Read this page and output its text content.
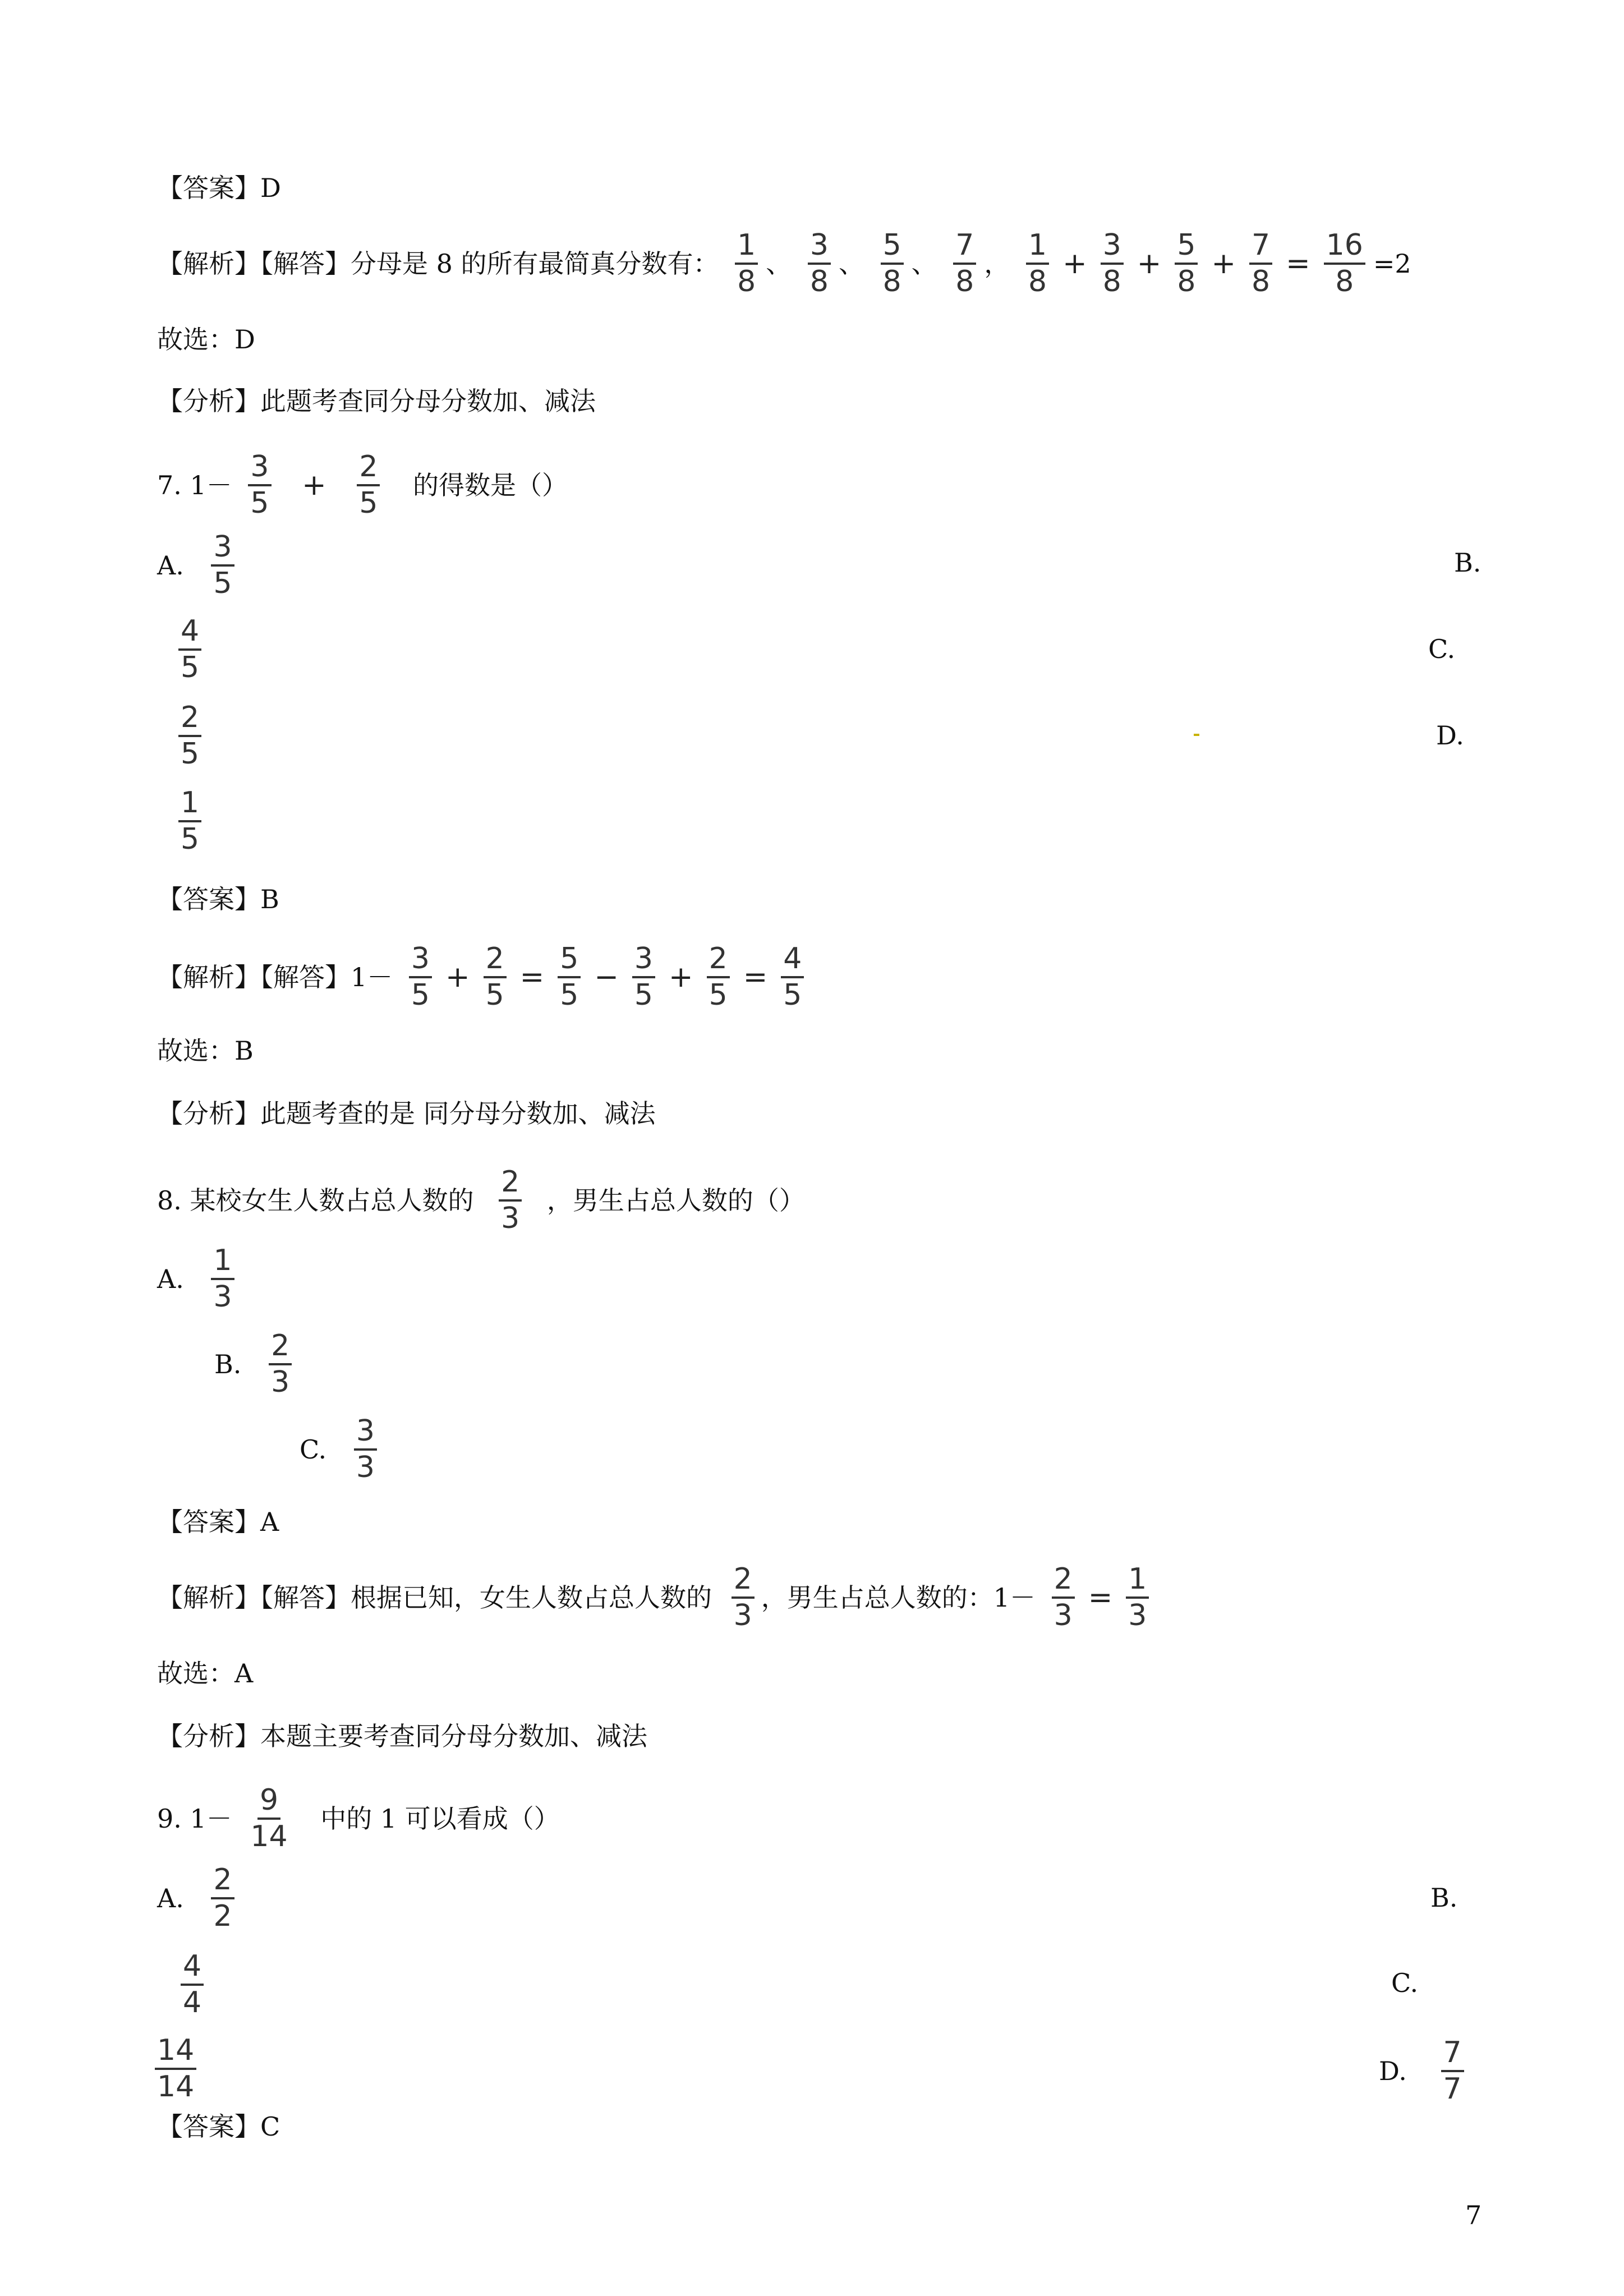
【答案】D
【解析】【解答】分母是 8 的所有最简真分数有： $\frac{1}{8}$ 、 $\frac{3}{8}$ 、 $\frac{5}{8}$ 、 $\frac{7}{8}$ ， $\frac{1}{8} + \frac{3}{8} + \frac{5}{8} + \frac{7}{8} = \frac{16}{8} =2$
故选：D
【分析】此题考查同分母分数加、减法
7. $1- \frac{3}{5} + \frac{2}{5}$ 的得数是（）
A. $\frac{3}{5}$	B.
$\frac{4}{5}$	C.
$\frac{2}{5}$	D.
$\frac{1}{5}$
【答案】B
【解析】【解答】$1- \frac{3}{5} + \frac{2}{5} = \frac{5}{5} - \frac{3}{5} + \frac{2}{5} = \frac{4}{5}$
故选：B
【分析】此题考查的是 同分母分数加、减法
8. 某校女生人数占总人数的 $\frac{2}{3}$ ，男生占总人数的（）
A. $\frac{1}{3}$
B. $\frac{2}{3}$
C. $\frac{3}{3}$
【答案】A
【解析】【解答】根据已知，女生人数占总人数的 $\frac{2}{3}$ ，男生占总人数的：$1- \frac{2}{3} = \frac{1}{3}$
故选：A
【分析】本题主要考查同分母分数加、减法
9. $1- \frac{9}{14}$ 中的 1 可以看成（）
A. $\frac{2}{2}$	B.
$\frac{4}{4}$	C.
$\frac{14}{14}$	D. $\frac{7}{7}$
【答案】C
7
